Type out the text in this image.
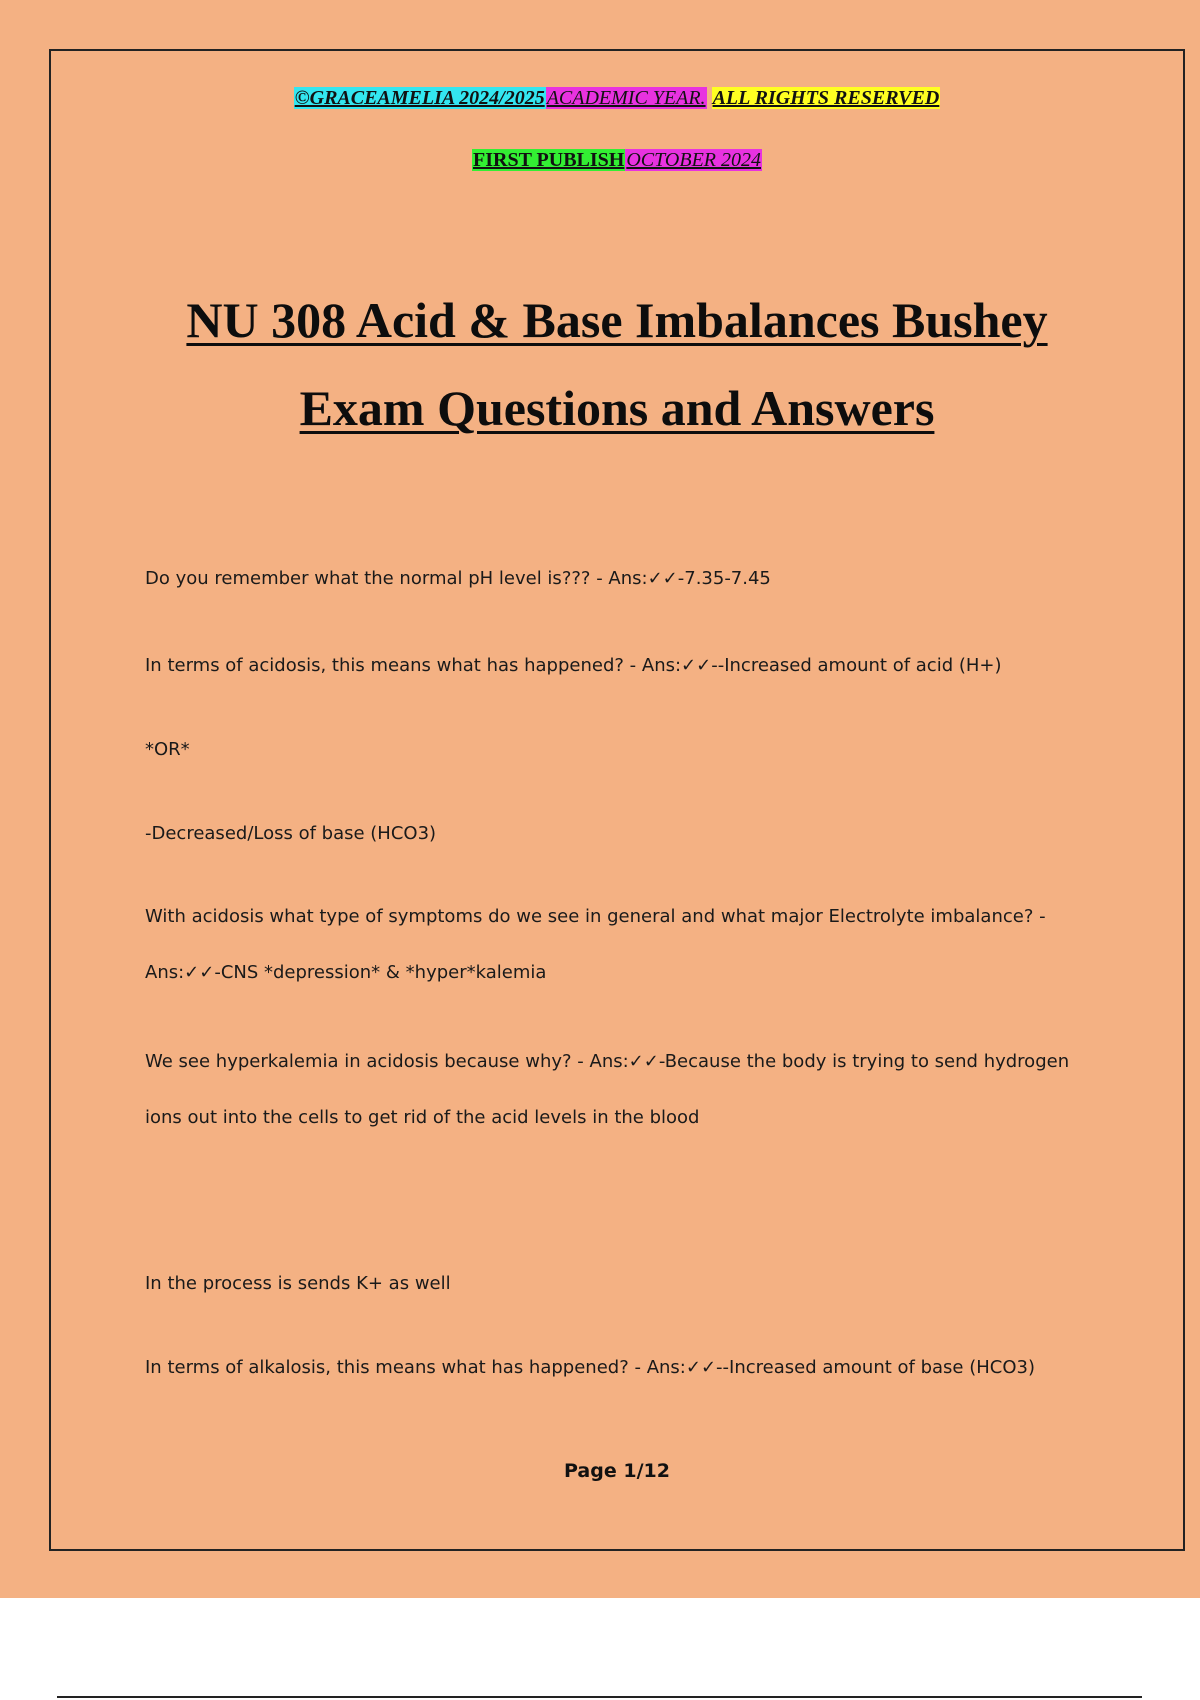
©GRACEAMELIA 2024/2025 ACADEMIC YEAR. ALL RIGHTS RESERVED
FIRST PUBLISH OCTOBER 2024
NU 308 Acid & Base Imbalances Bushey
Exam Questions and Answers
Do you remember what the normal pH level is??? - Ans:✓✓-7.35-7.45
In terms of acidosis, this means what has happened? - Ans:✓✓--Increased amount of acid (H+)
*OR*
-Decreased/Loss of base (HCO3)
With acidosis what type of symptoms do we see in general and what major Electrolyte imbalance? -
Ans:✓✓-CNS *depression* & *hyper*kalemia
We see hyperkalemia in acidosis because why? - Ans:✓✓-Because the body is trying to send hydrogen
ions out into the cells to get rid of the acid levels in the blood
In the process is sends K+ as well
In terms of alkalosis, this means what has happened? - Ans:✓✓--Increased amount of base (HCO3)
Page 1/12
